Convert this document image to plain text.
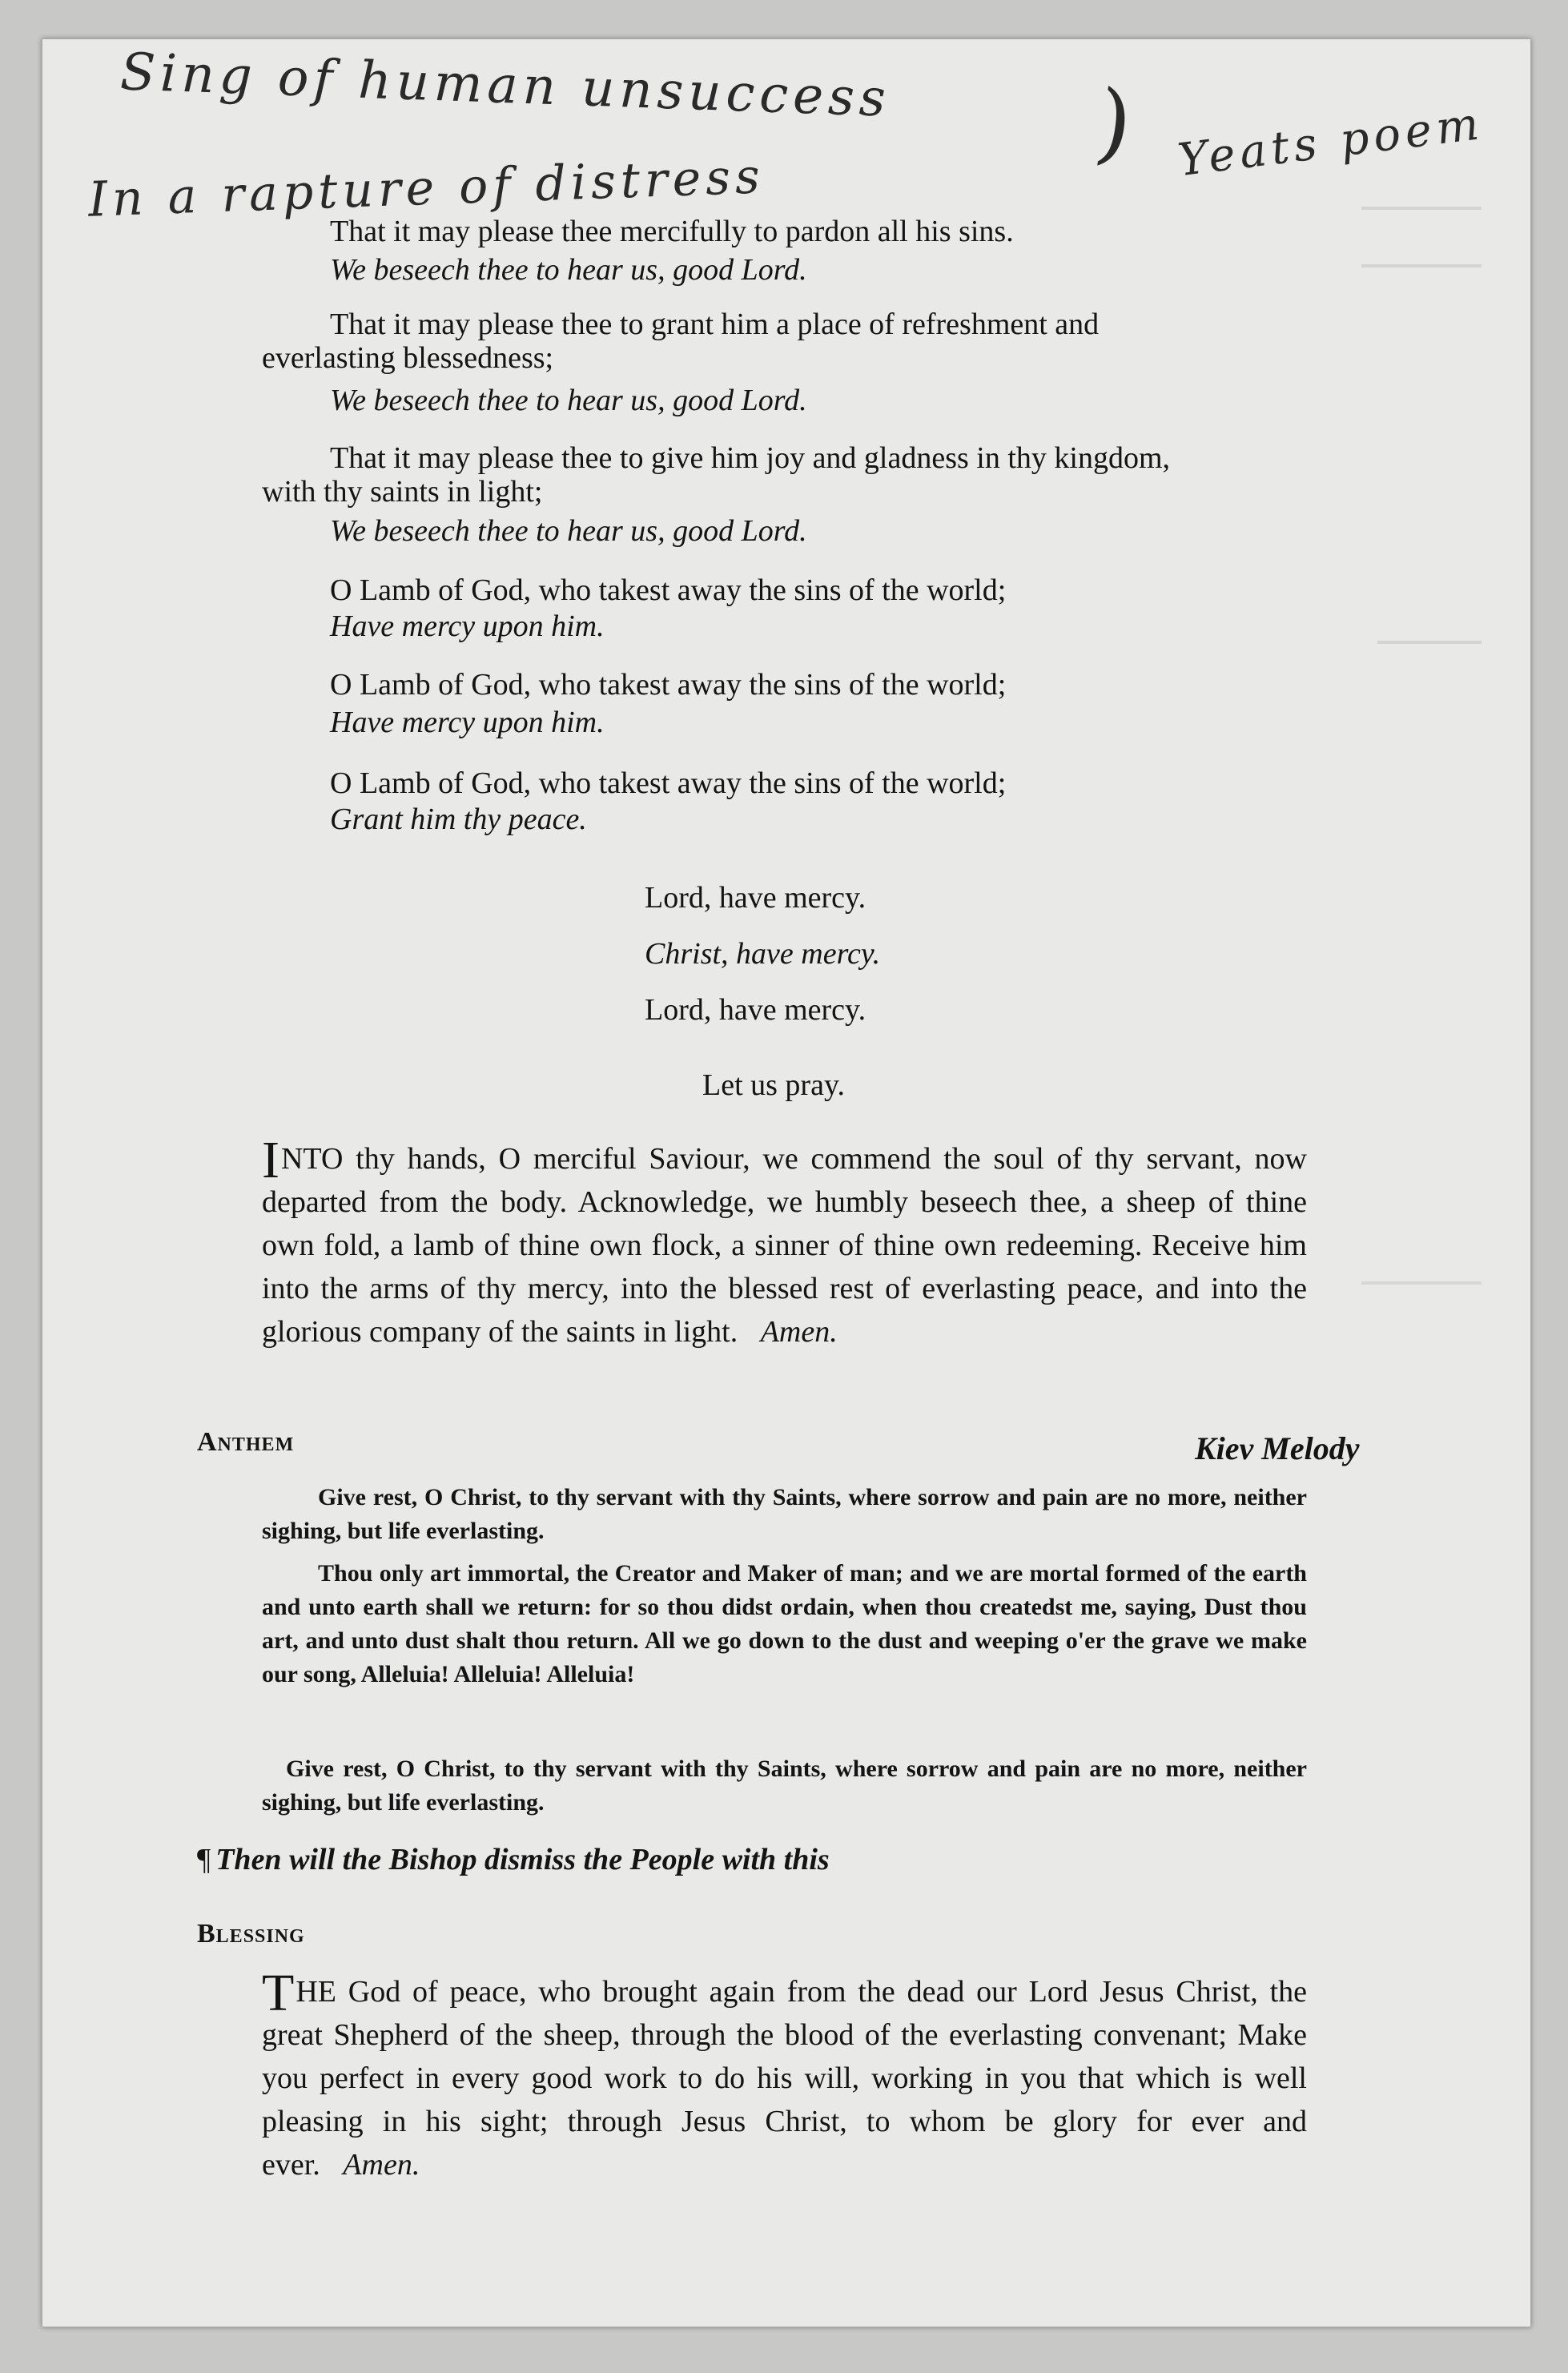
Sing of human unsuccess ) Yeats poem
In a rapture of distress
That it may please thee mercifully to pardon all his sins.
We beseech thee to hear us, good Lord.
That it may please thee to grant him a place of refreshment and
everlasting blessedness;
We beseech thee to hear us, good Lord.
That it may please thee to give him joy and gladness in thy kingdom,
with thy saints in light;
We beseech thee to hear us, good Lord.
O Lamb of God, who takest away the sins of the world;
Have mercy upon him.
O Lamb of God, who takest away the sins of the world;
Have mercy upon him.
O Lamb of God, who takest away the sins of the world;
Grant him thy peace.
Lord, have mercy.
Christ, have mercy.
Lord, have mercy.
Let us pray.
INTO thy hands, O merciful Saviour, we commend the soul of thy servant, now departed from the body. Acknowledge, we humbly beseech thee, a sheep of thine own fold, a lamb of thine own flock, a sinner of thine own redeeming. Receive him into the arms of thy mercy, into the blessed rest of everlasting peace, and into the glorious company of the saints in light. Amen.
Anthem	Kiev Melody
Give rest, O Christ, to thy servant with thy Saints, where sorrow and pain are no more, neither sighing, but life everlasting.
Thou only art immortal, the Creator and Maker of man; and we are mortal formed of the earth and unto earth shall we return: for so thou didst ordain, when thou createdst me, saying, Dust thou art, and unto dust shalt thou return. All we go down to the dust and weeping o'er the grave we make our song, Alleluia! Alleluia! Alleluia!
Give rest, O Christ, to thy servant with thy Saints, where sorrow and pain are no more, neither sighing, but life everlasting.
¶ Then will the Bishop dismiss the People with this
Blessing
THE God of peace, who brought again from the dead our Lord Jesus Christ, the great Shepherd of the sheep, through the blood of the everlasting convenant; Make you perfect in every good work to do his will, working in you that which is well pleasing in his sight; through Jesus Christ, to whom be glory for ever and ever. Amen.
